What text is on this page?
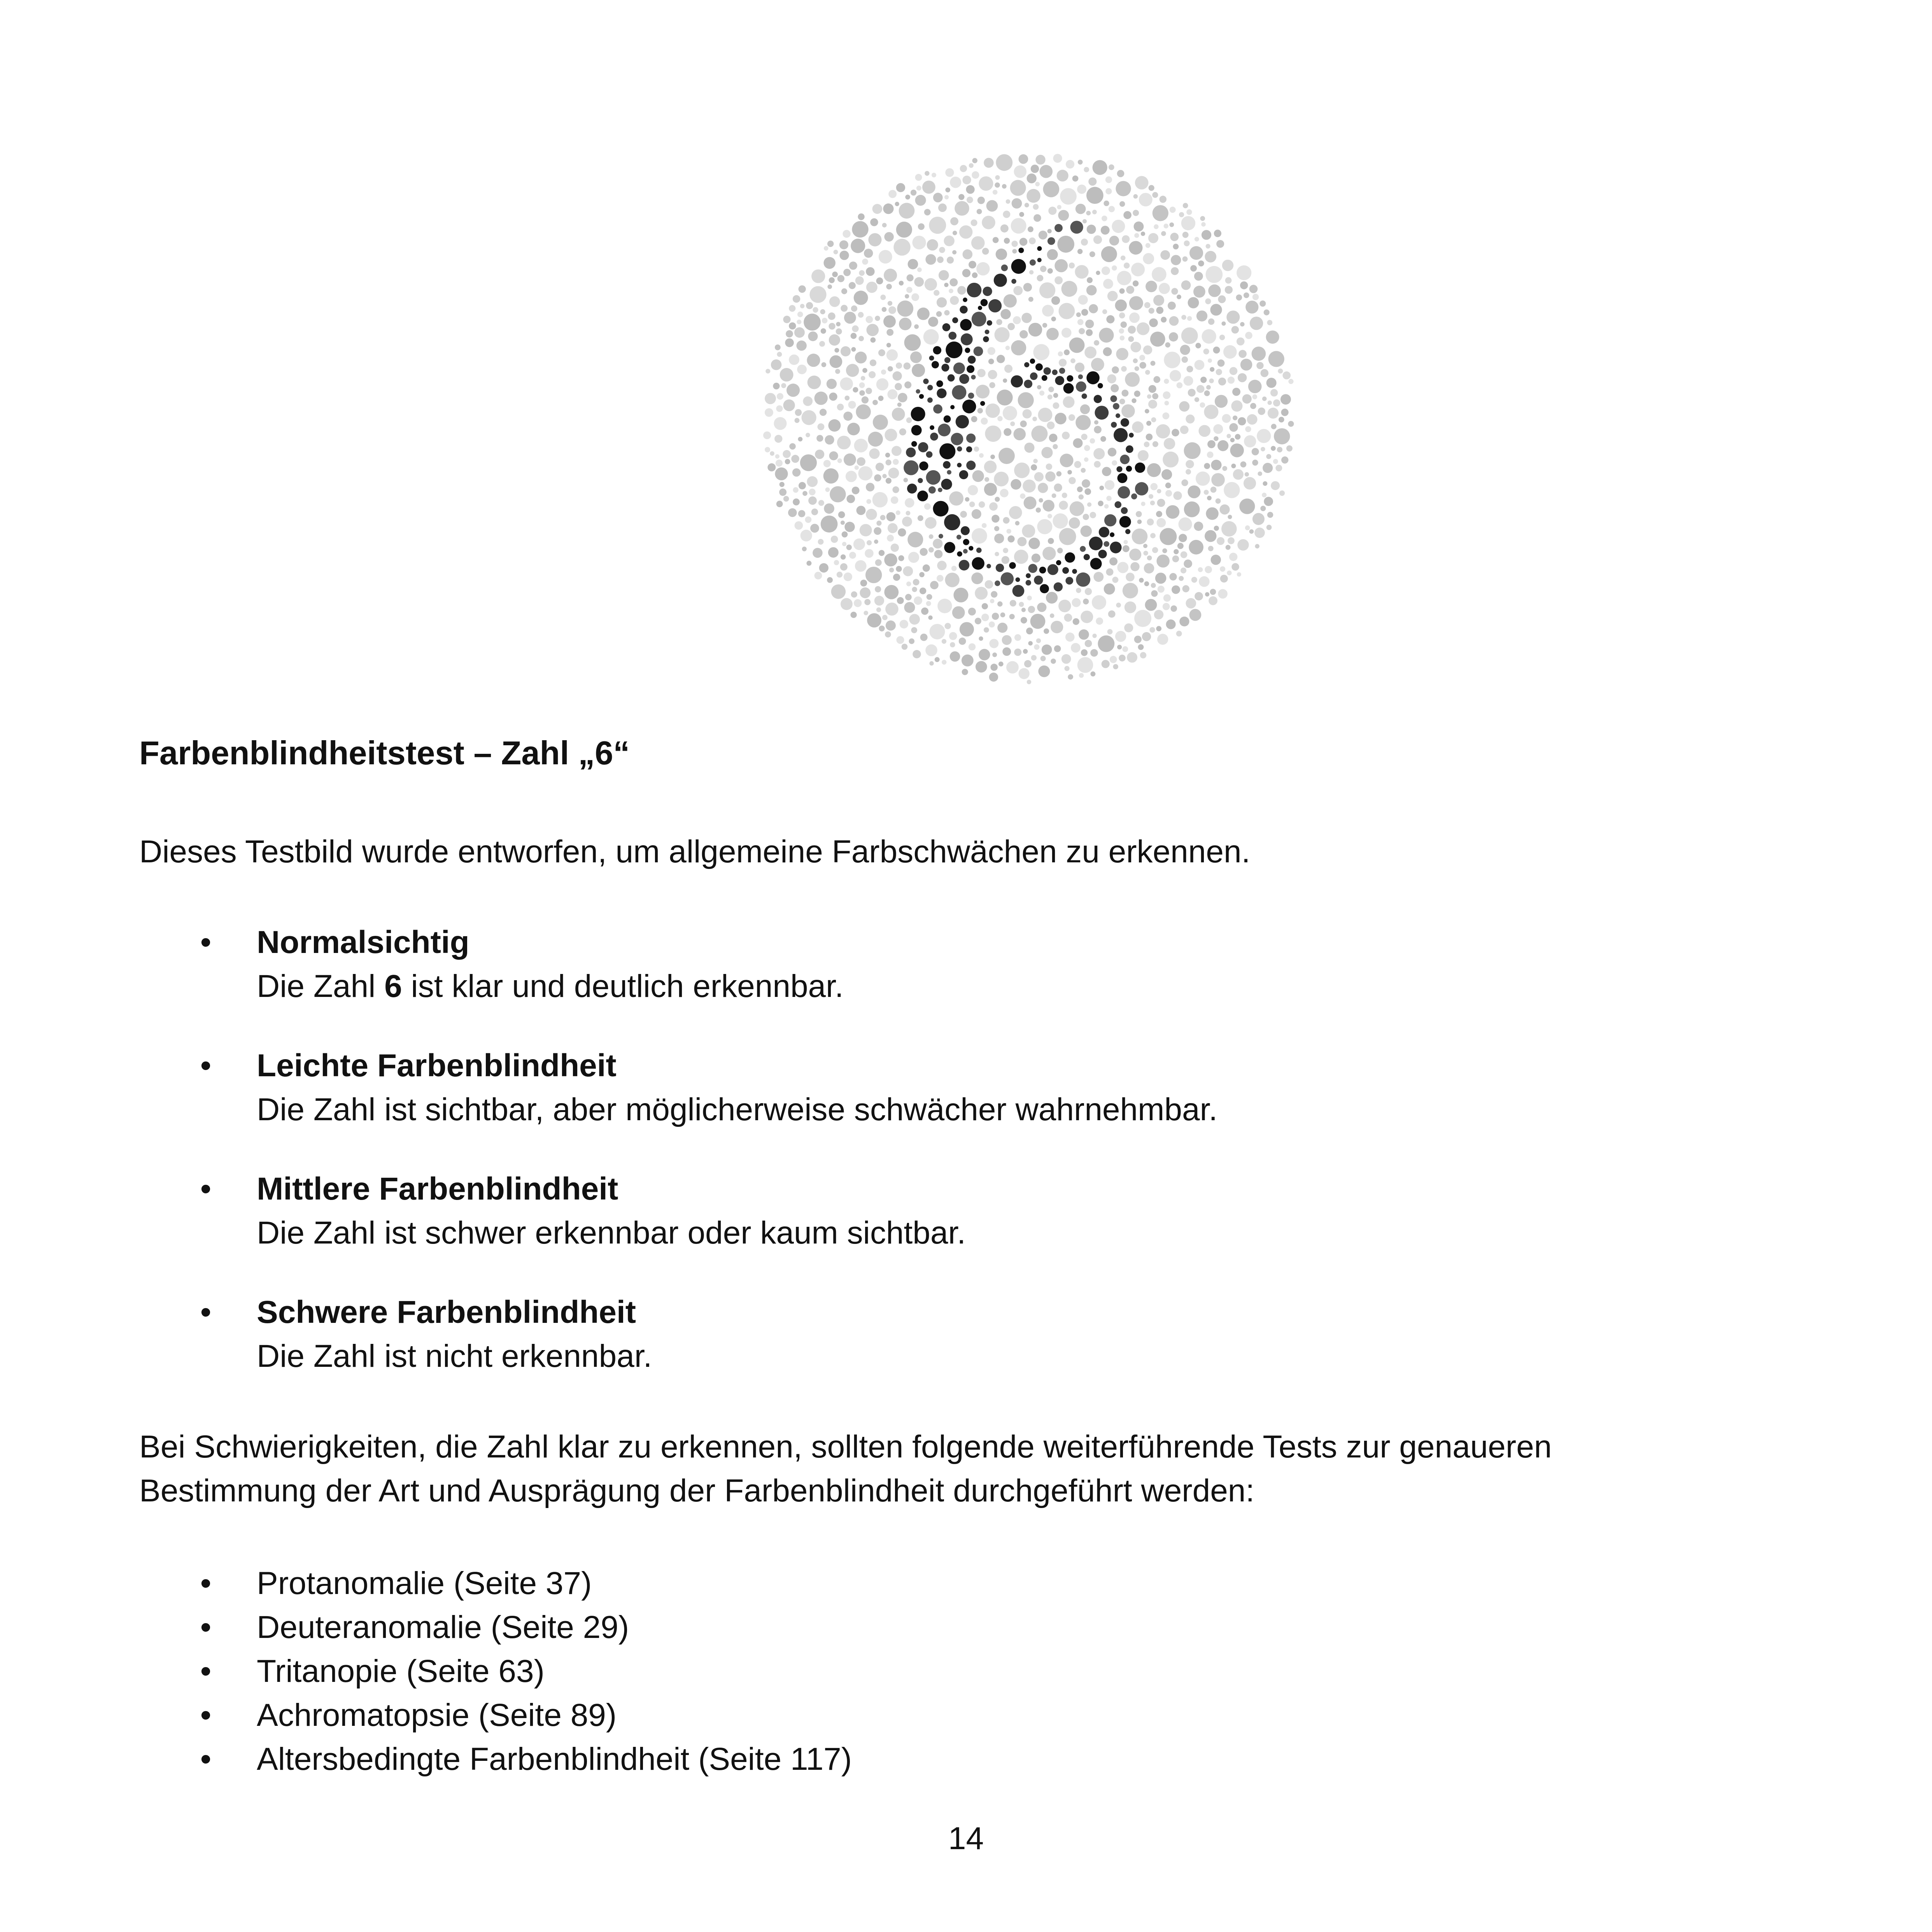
Farbenblindheitstest – Zahl „6“
Dieses Testbild wurde entworfen, um allgemeine Farbschwächen zu erkennen.
• Normalsichtig
Die Zahl 6 ist klar und deutlich erkennbar.
• Leichte Farbenblindheit
Die Zahl ist sichtbar, aber möglicherweise schwächer wahrnehmbar.
• Mittlere Farbenblindheit
Die Zahl ist schwer erkennbar oder kaum sichtbar.
• Schwere Farbenblindheit
Die Zahl ist nicht erkennbar.
Bei Schwierigkeiten, die Zahl klar zu erkennen, sollten folgende weiterführende Tests zur genaueren
Bestimmung der Art und Ausprägung der Farbenblindheit durchgeführt werden:
• Protanomalie (Seite 37)
• Deuteranomalie (Seite 29)
• Tritanopie (Seite 63)
• Achromatopsie (Seite 89)
• Altersbedingte Farbenblindheit (Seite 117)
14
